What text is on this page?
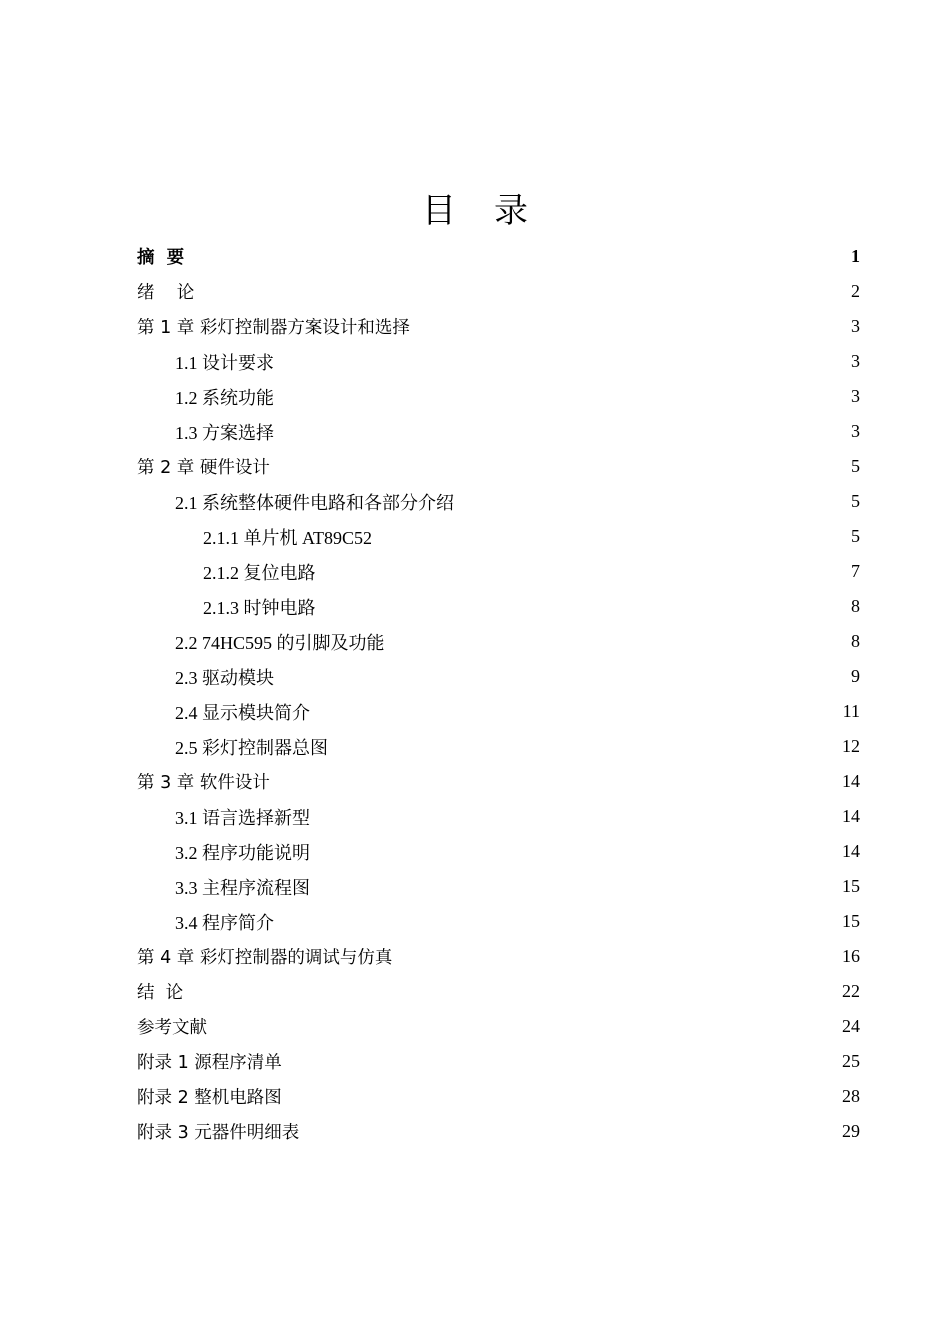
目录
摘  要	1
绪    论	2
第 1 章 彩灯控制器方案设计和选择	3
1.1 设计要求	3
1.2 系统功能	3
1.3 方案选择	3
第 2 章 硬件设计	5
2.1 系统整体硬件电路和各部分介绍	5
2.1.1 单片机 AT89C52	5
2.1.2 复位电路	7
2.1.3 时钟电路	8
2.2 74HC595 的引脚及功能	8
2.3 驱动模块	9
2.4 显示模块简介	11
2.5 彩灯控制器总图	12
第 3 章 软件设计	14
3.1 语言选择新型	14
3.2 程序功能说明	14
3.3 主程序流程图	15
3.4 程序简介	15
第 4 章 彩灯控制器的调试与仿真	16
结  论	22
参考文献	24
附录 1 源程序清单	25
附录 2 整机电路图	28
附录 3 元器件明细表	29
